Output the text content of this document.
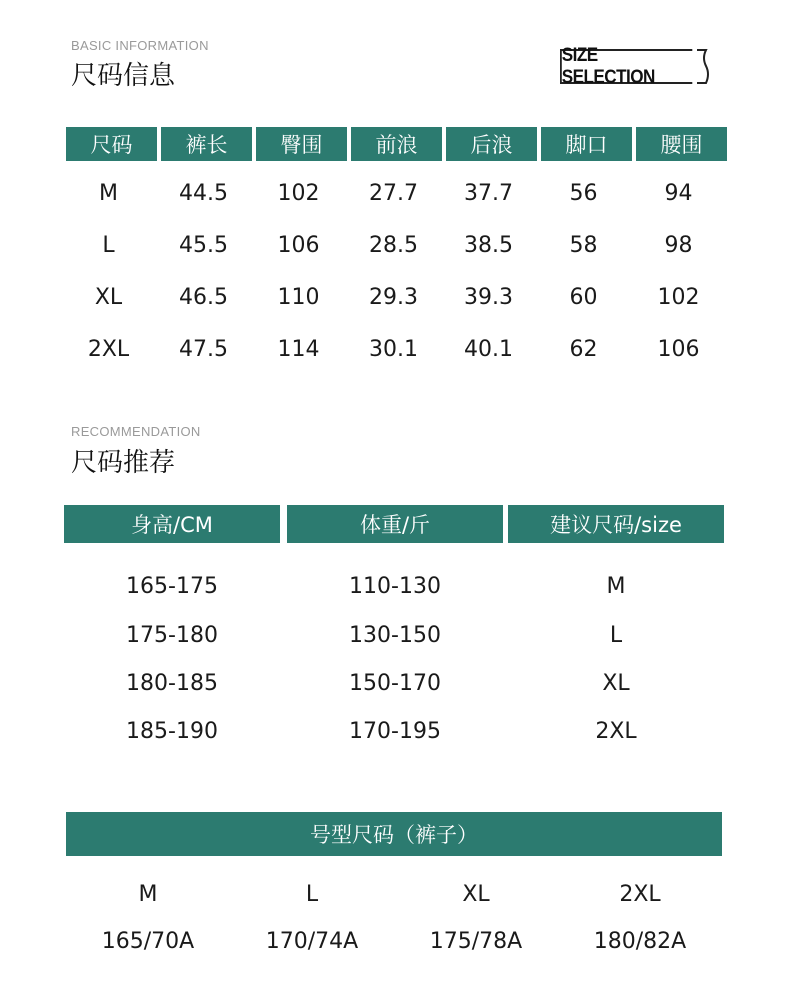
BASIC INFORMATION
尺码信息
SIZE SELECTION
尺码	裤长	臀围	前浪	后浪	脚口	腰围
M	44.5	102	27.7	37.7	56	94
L	45.5	106	28.5	38.5	58	98
XL	46.5	110	29.3	39.3	60	102
2XL	47.5	114	30.1	40.1	62	106
RECOMMENDATION
尺码推荐
身高/CM	体重/斤	建议尺码/size
165-175	110-130	M
175-180	130-150	L
180-185	150-170	XL
185-190	170-195	2XL
号型尺码（裤子）
M	L	XL	2XL
165/70A	170/74A	175/78A	180/82A
